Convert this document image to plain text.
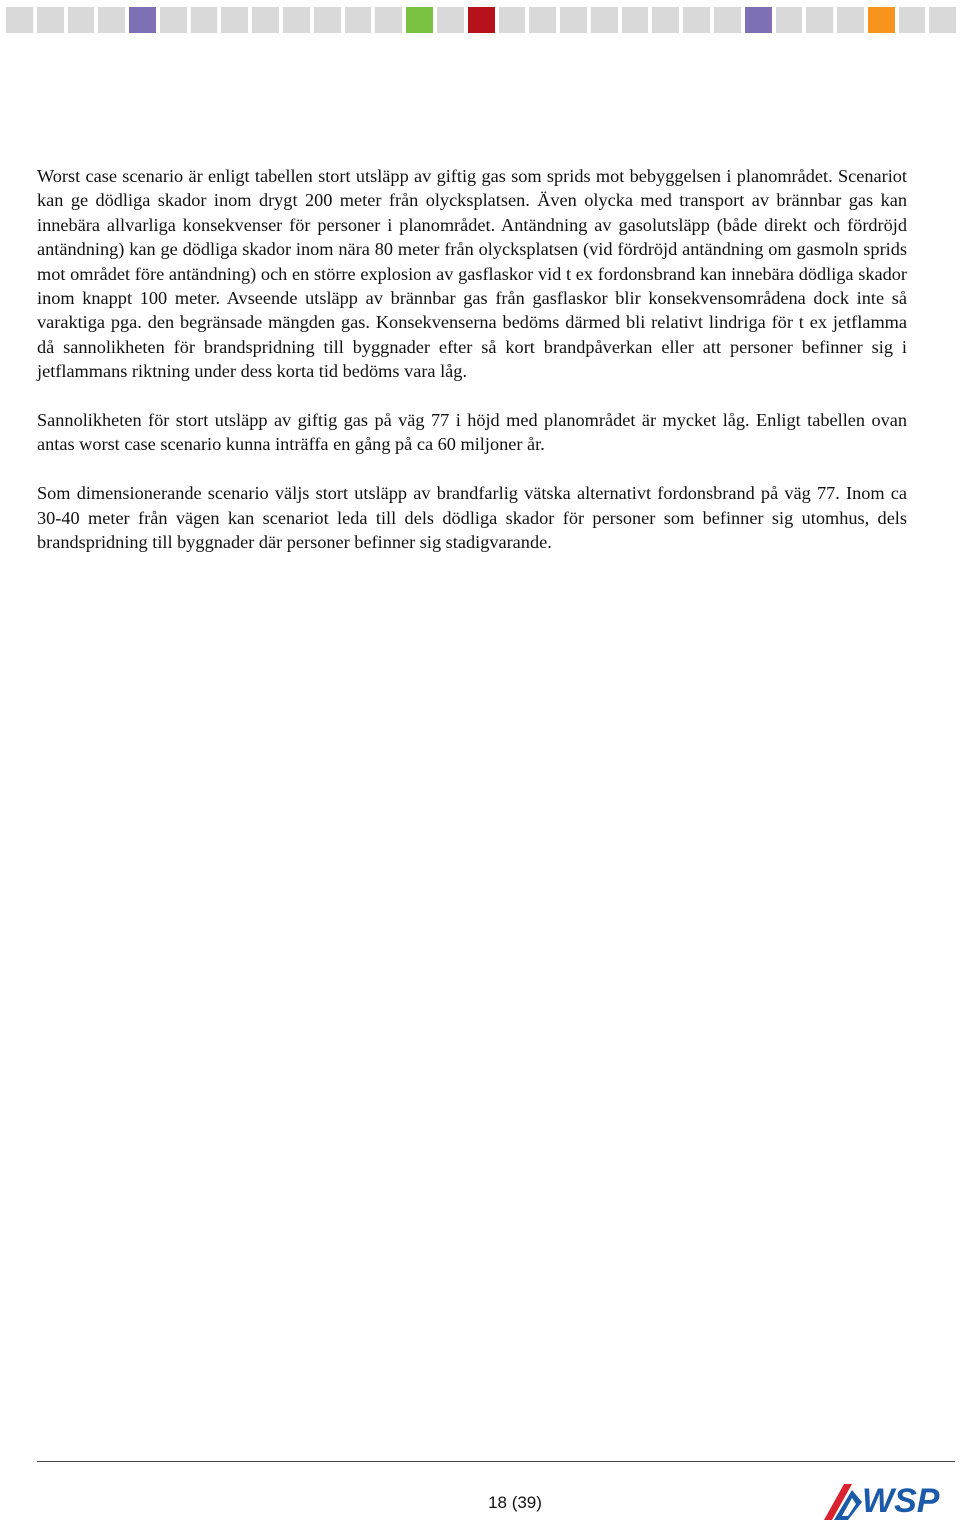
Worst case scenario är enligt tabellen stort utsläpp av giftig gas som sprids mot bebyggelsen i planområdet. Scenariot kan ge dödliga skador inom drygt 200 meter från olycksplatsen. Även olycka med transport av brännbar gas kan innebära allvarliga konsekvenser för personer i planområdet. Antändning av gasolutsläpp (både direkt och fördröjd antändning) kan ge dödliga skador inom nära 80 meter från olycksplatsen (vid fördröjd antändning om gasmoln sprids mot området före antändning) och en större explosion av gasflaskor vid t ex fordonsbrand kan innebära dödliga skador inom knappt 100 meter. Avseende utsläpp av brännbar gas från gasflaskor blir konsekvensområdena dock inte så varaktiga pga. den begränsade mängden gas. Konsekvenserna bedöms därmed bli relativt lindriga för t ex jetflamma då sannolikheten för brandspridning till byggnader efter så kort brandpåverkan eller att personer befinner sig i jetflammans riktning under dess korta tid bedöms vara låg.

Sannolikheten för stort utsläpp av giftig gas på väg 77 i höjd med planområdet är mycket låg. Enligt tabellen ovan antas worst case scenario kunna inträffa en gång på ca 60 miljoner år.

Som dimensionerande scenario väljs stort utsläpp av brandfarlig vätska alternativt fordonsbrand på väg 77. Inom ca 30-40 meter från vägen kan scenariot leda till dels dödliga skador för personer som befinner sig utomhus, dels brandspridning till byggnader där personer befinner sig stadigvarande.

18 (39)	WSP
